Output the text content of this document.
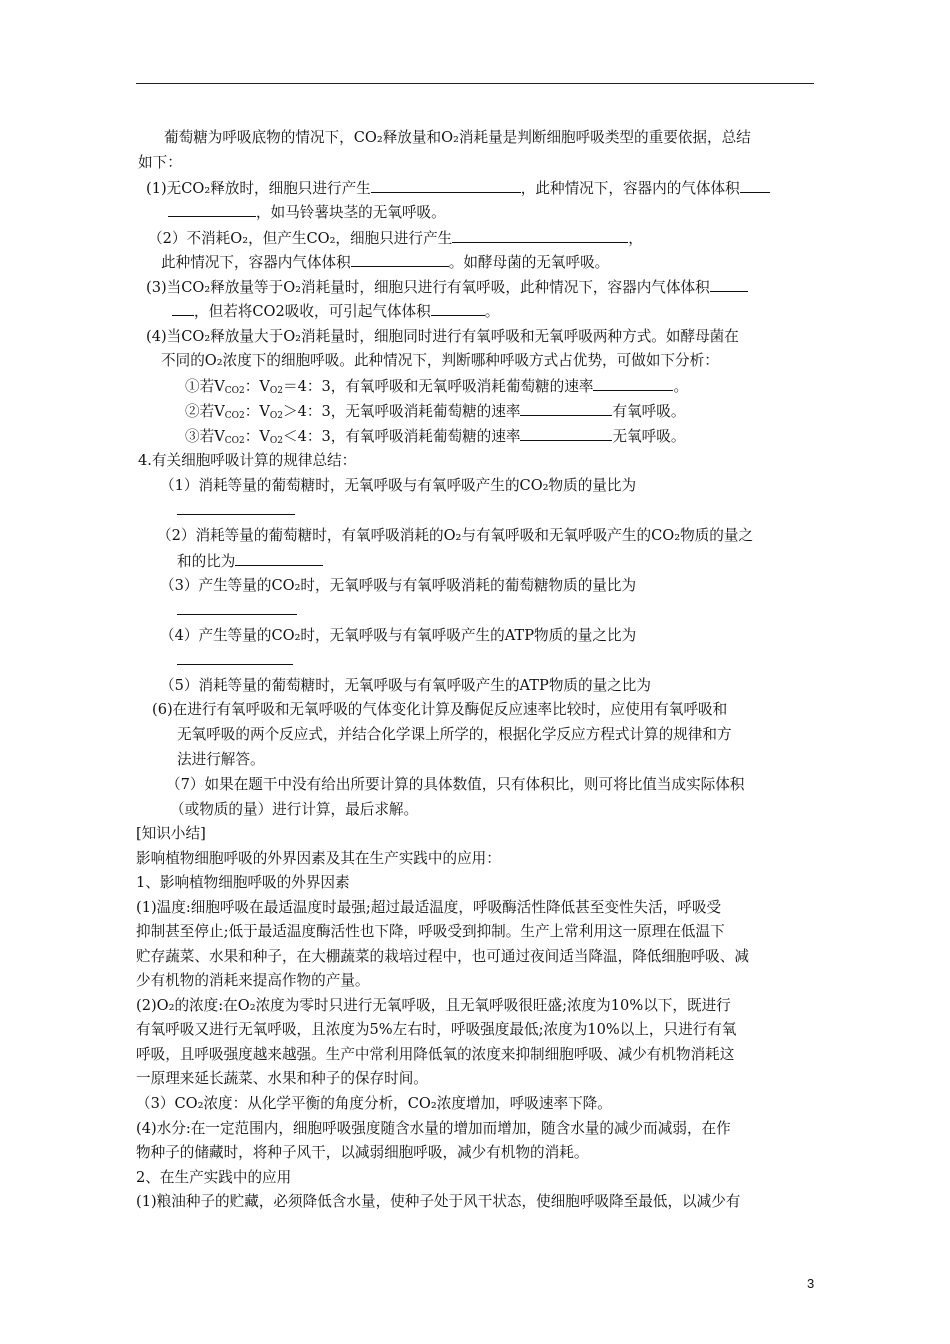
葡萄糖为呼吸底物的情况下，CO₂释放量和O₂消耗量是判断细胞呼吸类型的重要依据，总结
如下：
(1)无CO₂释放时，细胞只进行产生	，此种情况下，容器内的气体体积
，如马铃薯块茎的无氧呼吸。
（2）不消耗O₂，但产生CO₂，细胞只进行产生	，
此种情况下，容器内气体体积	。如酵母菌的无氧呼吸。
(3)当CO₂释放量等于O₂消耗量时，细胞只进行有氧呼吸，此种情况下，容器内气体体积
，但若将CO2吸收，可引起气体体积	。
(4)当CO₂释放量大于O₂消耗量时，细胞同时进行有氧呼吸和无氧呼吸两种方式。如酵母菌在
不同的O₂浓度下的细胞呼吸。此种情况下，判断哪种呼吸方式占优势，可做如下分析：
①若$V_{CO2}$：$V_{O2}=4$：3，有氧呼吸和无氧呼吸消耗葡萄糖的速率	。
②若$V_{CO2}$：$V_{O2}>4$：3，无氧呼吸消耗葡萄糖的速率	有氧呼吸。
③若$V_{CO2}$：$V_{O2}<4$：3，有氧呼吸消耗葡萄糖的速率	无氧呼吸。
4.有关细胞呼吸计算的规律总结：
（1）消耗等量的葡萄糖时，无氧呼吸与有氧呼吸产生的CO₂物质的量比为
（2）消耗等量的葡萄糖时，有氧呼吸消耗的O₂与有氧呼吸和无氧呼吸产生的CO₂物质的量之
和的比为
（3）产生等量的CO₂时，无氧呼吸与有氧呼吸消耗的葡萄糖物质的量比为
（4）产生等量的CO₂时，无氧呼吸与有氧呼吸产生的ATP物质的量之比为
（5）消耗等量的葡萄糖时，无氧呼吸与有氧呼吸产生的ATP物质的量之比为
(6)在进行有氧呼吸和无氧呼吸的气体变化计算及酶促反应速率比较时，应使用有氧呼吸和
无氧呼吸的两个反应式，并结合化学课上所学的，根据化学反应方程式计算的规律和方
法进行解答。
（7）如果在题干中没有给出所要计算的具体数值，只有体积比，则可将比值当成实际体积
（或物质的量）进行计算，最后求解。
[知识小结]
影响植物细胞呼吸的外界因素及其在生产实践中的应用：
1、影响植物细胞呼吸的外界因素
(1)温度:细胞呼吸在最适温度时最强;超过最适温度，呼吸酶活性降低甚至变性失活，呼吸受
抑制甚至停止;低于最适温度酶活性也下降，呼吸受到抑制。生产上常利用这一原理在低温下
贮存蔬菜、水果和种子，在大棚蔬菜的栽培过程中，也可通过夜间适当降温，降低细胞呼吸、减
少有机物的消耗来提高作物的产量。
(2)O₂的浓度:在O₂浓度为零时只进行无氧呼吸，且无氧呼吸很旺盛;浓度为10%以下，既进行
有氧呼吸又进行无氧呼吸，且浓度为5%左右时，呼吸强度最低;浓度为10%以上，只进行有氧
呼吸，且呼吸强度越来越强。生产中常利用降低氧的浓度来抑制细胞呼吸、减少有机物消耗这
一原理来延长蔬菜、水果和种子的保存时间。
（3）CO₂浓度：从化学平衡的角度分析，CO₂浓度增加，呼吸速率下降。
(4)水分:在一定范围内，细胞呼吸强度随含水量的增加而增加，随含水量的减少而减弱，在作
物种子的储藏时，将种子风干，以减弱细胞呼吸，减少有机物的消耗。
2、在生产实践中的应用
(1)粮油种子的贮藏，必须降低含水量，使种子处于风干状态，使细胞呼吸降至最低，以减少有
3
